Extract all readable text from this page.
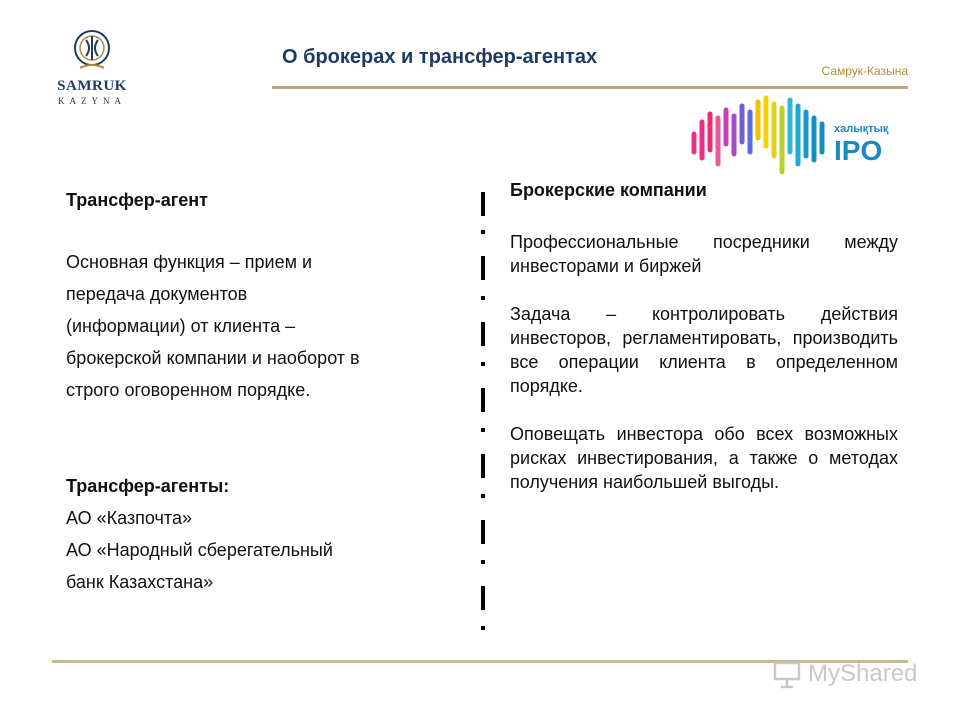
SAMRUK
KAZYNA
О брокерах и трансфер-агентах
Самрук-Казына
халықтық
IPO
Трансфер-агент
Основная функция – прием и
передача документов
(информации) от клиента –
брокерской компании и наоборот в
строго оговоренном порядке.
Трансфер-агенты:
АО «Казпочта»
АО «Народный сберегательный
банк Казахстана»

Брокерские компании

Профессиональные посредники между инвесторами и биржей

Задача – контролировать действия инвесторов, регламентировать, производить все операции клиента в определенном порядке.

Оповещать инвестора обо всех возможных рисках инвестирования, а также о методах получения наибольшей выгоды.

MyShared
